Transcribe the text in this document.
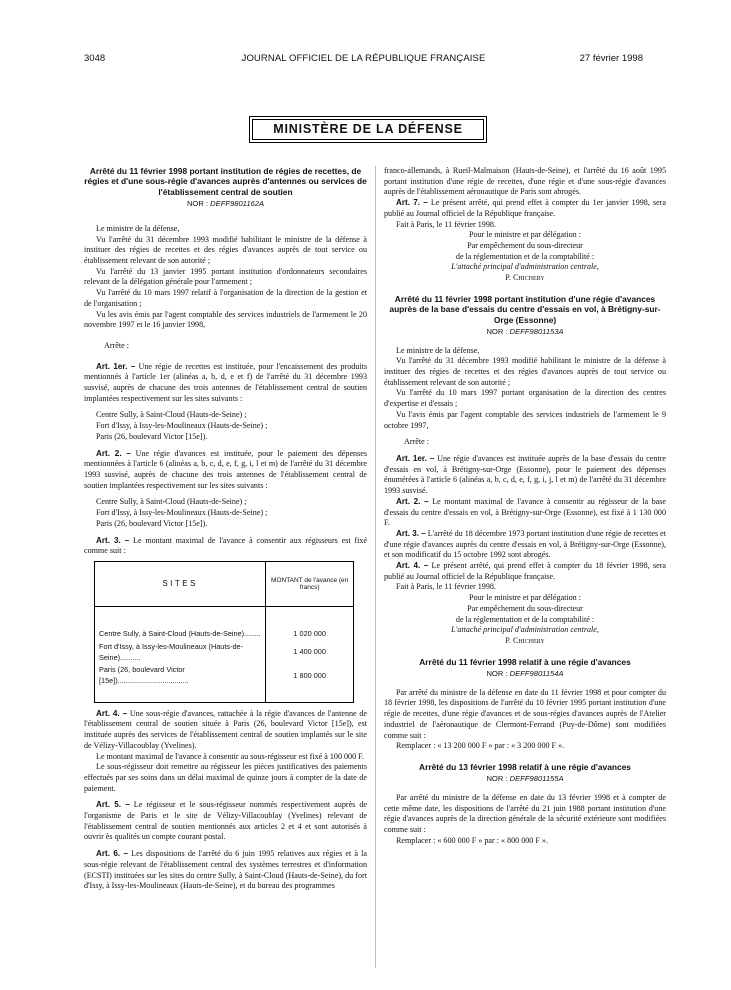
3048	JOURNAL OFFICIEL DE LA RÉPUBLIQUE FRANÇAISE	27 février 1998
MINISTÈRE DE LA DÉFENSE
Arrêté du 11 février 1998 portant institution de régies de recettes, de régies et d'une sous-régie d'avances auprès d'antennes ou services de l'établissement central de soutien
NOR : DEFF9801162A

Le ministre de la défense,

Vu l'arrêté du 31 décembre 1993 modifié habilitant le ministre de la défense à instituer des régies de recettes et des régies d'avances auprès de tout service ou établissement relevant de son autorité ;

Vu l'arrêté du 13 janvier 1995 portant institution d'ordonnateurs secondaires relevant de la délégation générale pour l'armement ;

Vu l'arrêté du 10 mars 1997 relatif à l'organisation de la direction de la gestion et de l'organisation ;

Vu les avis émis par l'agent comptable des services industriels de l'armement le 20 novembre 1997 et le 16 janvier 1998,

Arrête :

Art. 1er. – Une régie de recettes est instituée, pour l'encaissement des produits mentionnés à l'article 1er (alinéas a, b, d, e et f) de l'arrêté du 31 décembre 1993 susvisé, auprès de chacune des trois antennes de l'établissement central de soutien implantées respectivement sur les sites suivants :

Centre Sully, à Saint-Cloud (Hauts-de-Seine) ;

Fort d'Issy, à Issy-les-Moulineaux (Hauts-de-Seine) ;

Paris (26, boulevard Victor [15e]).

Art. 2. – Une régie d'avances est instituée, pour le paiement des dépenses mentionnées à l'article 6 (alinéas a, b, c, d, e, f, g, i, l et m) de l'arrêté du 31 décembre 1993 susvisé, auprès de chacune des trois antennes de l'établissement central de soutien implantées respectivement sur les sites suivants :

Centre Sully, à Saint-Cloud (Hauts-de-Seine) ;

Fort d'Issy, à Issy-les-Moulineaux (Hauts-de-Seine) ;

Paris (26, boulevard Victor [15e]).

Art. 3. – Le montant maximal de l'avance à consentir aux régisseurs est fixé comme suit :

SITES	MONTANT de l'avance (en francs)

Centre Sully, à Saint-Cloud (Hauts-de-Seine)........	1 020 000
Fort d'Issy, à Issy-les-Moulineaux (Hauts-de-Seine)..........	1 400 000
Paris (26, boulevard Victor [15e])...................................	1 800 000

Art. 4. – Une sous-régie d'avances, rattachée à la régie d'avances de l'antenne de l'établissement central de soutien située à Paris (26, boulevard Victor [15e]), est instituée auprès des services de l'établissement central de soutien implantés sur le site de Vélizy-Villacoublay (Yvelines).

Le montant maximal de l'avance à consentir au sous-régisseur est fixé à 100 000 F.

Le sous-régisseur doit remettre au régisseur les pièces justificatives des paiements effectués par ses soins dans un délai maximal de quinze jours à compter de la date de paiement.

Art. 5. – Le régisseur et le sous-régisseur nommés respectivement auprès de l'organisme de Paris et le site de Vélizy-Villacoublay (Yvelines) relevant de l'établissement central de soutien mentionnés aux articles 2 et 4 et sont autorisés à ouvrir ès qualités un compte courant postal.

Art. 6. – Les dispositions de l'arrêté du 6 juin 1995 relatives aux régies et à la sous-régie relevant de l'établissement central des systèmes terrestres et d'information (ECSTI) instituées sur les sites du centre Sully, à Saint-Cloud (Hauts-de-Seine), du fort d'Issy, à Issy-les-Moulineaux (Hauts-de-Seine), et du bureau des programmes

franco-allemands, à Rueil-Malmaison (Hauts-de-Seine), et l'arrêté du 16 août 1995 portant institution d'une régie de recettes, d'une régie et d'une sous-régie d'avances auprès de l'établissement aéronautique de Paris sont abrogés.

Art. 7. – Le présent arrêté, qui prend effet à compter du 1er janvier 1998, sera publié au Journal officiel de la République française.

Fait à Paris, le 11 février 1998.

Pour le ministre et par délégation :

Par empêchement du sous-directeur

de la réglementation et de la comptabilité :

L'attaché principal d'administration centrale,

P. Chichery

Arrêté du 11 février 1998 portant institution d'une régie d'avances auprès de la base d'essais du centre d'essais en vol, à Brétigny-sur-Orge (Essonne)
NOR : DEFF9801153A

Le ministre de la défense,

Vu l'arrêté du 31 décembre 1993 modifié habilitant le ministre de la défense à instituer des régies de recettes et des régies d'avances auprès de tout service ou établissement relevant de son autorité ;

Vu l'arrêté du 10 mars 1997 portant organisation de la direction des centres d'expertise et d'essais ;

Vu l'avis émis par l'agent comptable des services industriels de l'armement le 9 octobre 1997,

Arrête :

Art. 1er. – Une régie d'avances est instituée auprès de la base d'essais du centre d'essais en vol, à Brétigny-sur-Orge (Essonne), pour le paiement des dépenses énumérées à l'article 6 (alinéas a, b, c, d, e, f, g, i, j, l et m) de l'arrêté du 31 décembre 1993 susvisé.

Art. 2. – Le montant maximal de l'avance à consentir au régisseur de la base d'essais du centre d'essais en vol, à Brétigny-sur-Orge (Essonne), est fixé à 1 130 000 F.

Art. 3. – L'arrêté du 18 décembre 1973 portant institution d'une régie de recettes et d'une régie d'avances auprès du centre d'essais en vol, à Brétigny-sur-Orge (Essonne), et son modificatif du 15 octobre 1992 sont abrogés.

Art. 4. – Le présent arrêté, qui prend effet à compter du 18 février 1998, sera publié au Journal officiel de la République française.

Fait à Paris, le 11 février 1998.

Pour le ministre et par délégation :

Par empêchement du sous-directeur

de la réglementation et de la comptabilité :

L'attaché principal d'administration centrale,

P. Chichery

Arrêté du 11 février 1998 relatif à une régie d'avances
NOR : DEFF9801154A

Par arrêté du ministre de la défense en date du 11 février 1998 et pour compter du 18 février 1998, les dispositions de l'arrêté du 10 février 1995 portant institution d'une régie de recettes, d'une régie d'avances et de sous-régies d'avances auprès de l'Atelier industriel de l'aéronautique de Clermont-Ferrand (Puy-de-Dôme) sont modifiées comme suit :

Remplacer : « 13 200 000 F » par : « 3 200 000 F ».

Arrêté du 13 février 1998 relatif à une régie d'avances
NOR : DEFF9801155A

Par arrêté du ministre de la défense en date du 13 février 1998 et à compter de cette même date, les dispositions de l'arrêté du 21 juin 1988 portant institution d'une régie d'avances auprès de la direction générale de la sécurité extérieure sont modifiées comme suit :

Remplacer : « 600 000 F » par : « 800 000 F ».
